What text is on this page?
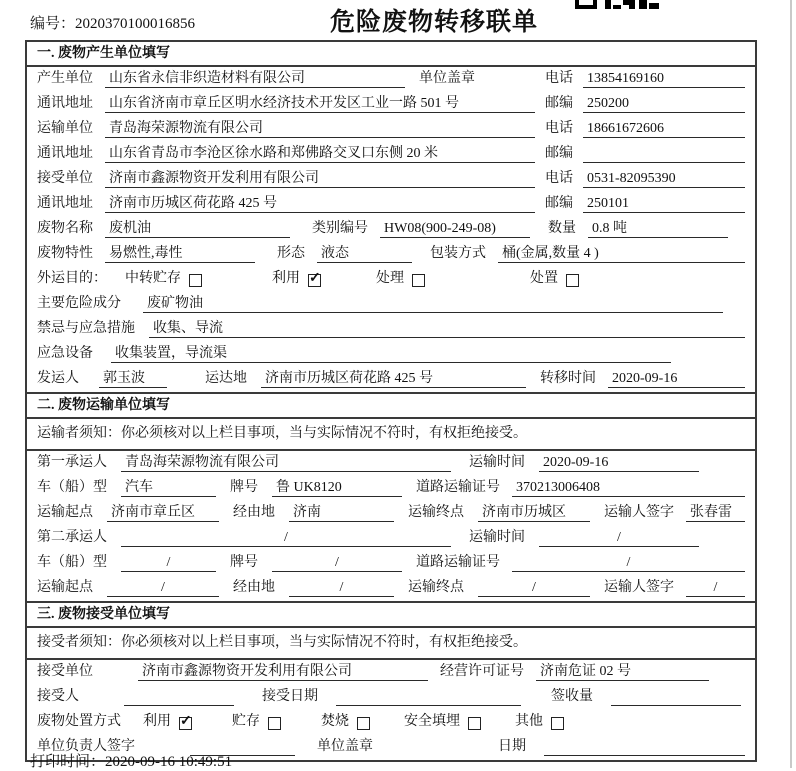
编号：2020370100016856	危险废物转移联单
一. 废物产生单位填写
产生单位 山东省永信非织造材料有限公司	单位盖章	电话 13854169160
通讯地址 山东省济南市章丘区明水经济技术开发区工业一路 501 号	邮编 250200
运输单位 青岛海荣源物流有限公司	电话 18661672606
通讯地址 山东省青岛市李沧区徐水路和郑佛路交叉口东侧 20 米	邮编
接受单位 济南市鑫源物资开发利用有限公司	电话 0531-82095390
通讯地址 济南市历城区荷花路 425 号	邮编 250101
废物名称 废机油	类别编号 HW08(900-249-08)	数量 0.8 吨
废物特性 易燃性,毒性	形态 液态	包装方式 桶(金属,数量 4 )
外运目的： 中转贮存	利用 ✓	处理	处置
主要危险成分 废矿物油
禁忌与应急措施 收集、导流
应急设备 收集装置，导流渠
发运人 郭玉波	运达地 济南市历城区荷花路 425 号	转移时间 2020-09-16
二. 废物运输单位填写
运输者须知：你必须核对以上栏目事项，当与实际情况不符时，有权拒绝接受。
第一承运人 青岛海荣源物流有限公司	运输时间 2020-09-16
车（船）型 汽车	牌号 鲁 UK8120	道路运输证号 370213006408
运输起点 济南市章丘区	经由地 济南	运输终点 济南市历城区	运输人签字 张春雷
第二承运人	/	运输时间	/
车（船）型	/	牌号	/	道路运输证号	/
运输起点	/	经由地	/	运输终点	/	运输人签字	/
三. 废物接受单位填写
接受者须知：你必须核对以上栏目事项，当与实际情况不符时，有权拒绝接受。
接受单位	济南市鑫源物资开发利用有限公司	经营许可证号 济南危证 02 号
接受人	接受日期	签收量
废物处置方式 利用 ✓	贮存	焚烧	安全填埋	其他
单位负责人签字	单位盖章	日期
打印时间：2020-09-16 10:49:51
